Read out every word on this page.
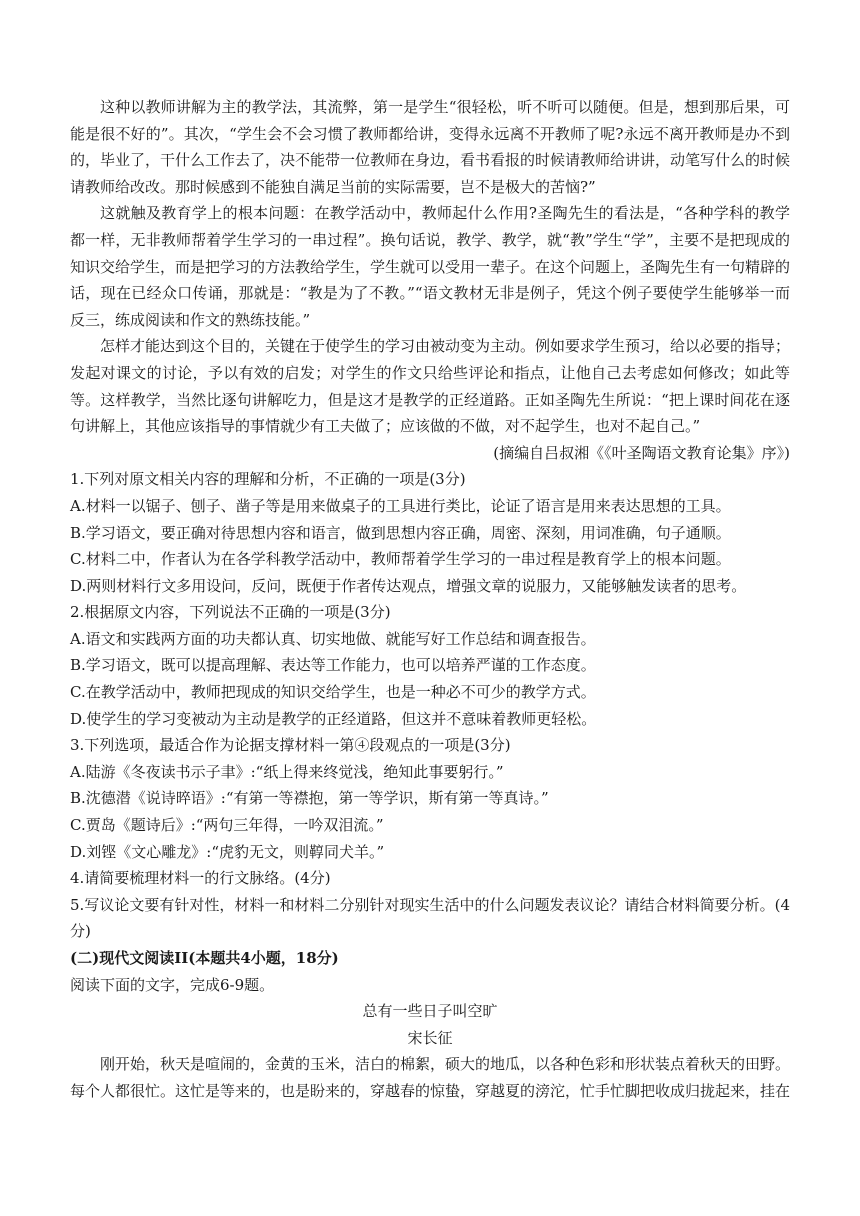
这种以教师讲解为主的教学法，其流弊，第一是学生“很轻松，听不听可以随便。但是，想到那后果，可能是很不好的”。其次，“学生会不会习惯了教师都给讲，变得永远离不开教师了呢?永远不离开教师是办不到的，毕业了，干什么工作去了，决不能带一位教师在身边，看书看报的时候请教师给讲讲，动笔写什么的时候请教师给改改。那时候感到不能独自满足当前的实际需要，岂不是极大的苦恼?”

这就触及教育学上的根本问题：在教学活动中，教师起什么作用?圣陶先生的看法是，“各种学科的教学都一样，无非教师帮着学生学习的一串过程”。换句话说，教学、教学，就“教”学生“学”，主要不是把现成的知识交给学生，而是把学习的方法教给学生，学生就可以受用一辈子。在这个问题上，圣陶先生有一句精辟的话，现在已经众口传诵，那就是：“教是为了不教。”“语文教材无非是例子，凭这个例子要使学生能够举一而反三，练成阅读和作文的熟练技能。”

怎样才能达到这个目的，关键在于使学生的学习由被动变为主动。例如要求学生预习，给以必要的指导；发起对课文的讨论，予以有效的启发；对学生的作文只给些评论和指点，让他自己去考虑如何修改；如此等等。这样教学，当然比逐句讲解吃力，但是这才是教学的正经道路。正如圣陶先生所说：“把上课时间花在逐句讲解上，其他应该指导的事情就少有工夫做了；应该做的不做，对不起学生，也对不起自己。”

(摘编自吕叔湘《《叶圣陶语文教育论集》序》)

1.下列对原文相关内容的理解和分析，不正确的一项是(3分)

A.材料一以锯子、刨子、凿子等是用来做桌子的工具进行类比，论证了语言是用来表达思想的工具。

B.学习语文，要正确对待思想内容和语言，做到思想内容正确，周密、深刻，用词准确，句子通顺。

C.材料二中，作者认为在各学科教学活动中，教师帮着学生学习的一串过程是教育学上的根本问题。

D.两则材料行文多用设问，反问，既便于作者传达观点，增强文章的说服力，又能够触发读者的思考。

2.根据原文内容，下列说法不正确的一项是(3分)

A.语文和实践两方面的功夫都认真、切实地做、就能写好工作总结和调查报告。

B.学习语文，既可以提高理解、表达等工作能力，也可以培养严谨的工作态度。

C.在教学活动中，教师把现成的知识交给学生，也是一种必不可少的教学方式。

D.使学生的学习变被动为主动是教学的正经道路，但这并不意味着教师更轻松。

3.下列选项，最适合作为论据支撑材料一第④段观点的一项是(3分)

A.陆游《冬夜读书示子聿》:“纸上得来终觉浅，绝知此事要躬行。”

B.沈德潜《说诗晬语》:“有第一等襟抱，第一等学识，斯有第一等真诗。”

C.贾岛《题诗后》:“两句三年得，一吟双泪流。”

D.刘铿《文心雕龙》:“虎豹无文，则鞟同犬羊。”

4.请简要梳理材料一的行文脉络。(4分)

5.写议论文要有针对性，材料一和材料二分别针对现实生活中的什么问题发表议论？请结合材料简要分析。(4分)

(二)现代文阅读II(本题共4小题，18分)

阅读下面的文字，完成6-9题。

总有一些日子叫空旷

宋长征

刚开始，秋天是喧闹的，金黄的玉米，洁白的棉絮，硕大的地瓜，以各种色彩和形状装点着秋天的田野。每个人都很忙。这忙是等来的，也是盼来的，穿越春的惊蛰，穿越夏的滂沱，忙手忙脚把收成归拢起来，挂在
